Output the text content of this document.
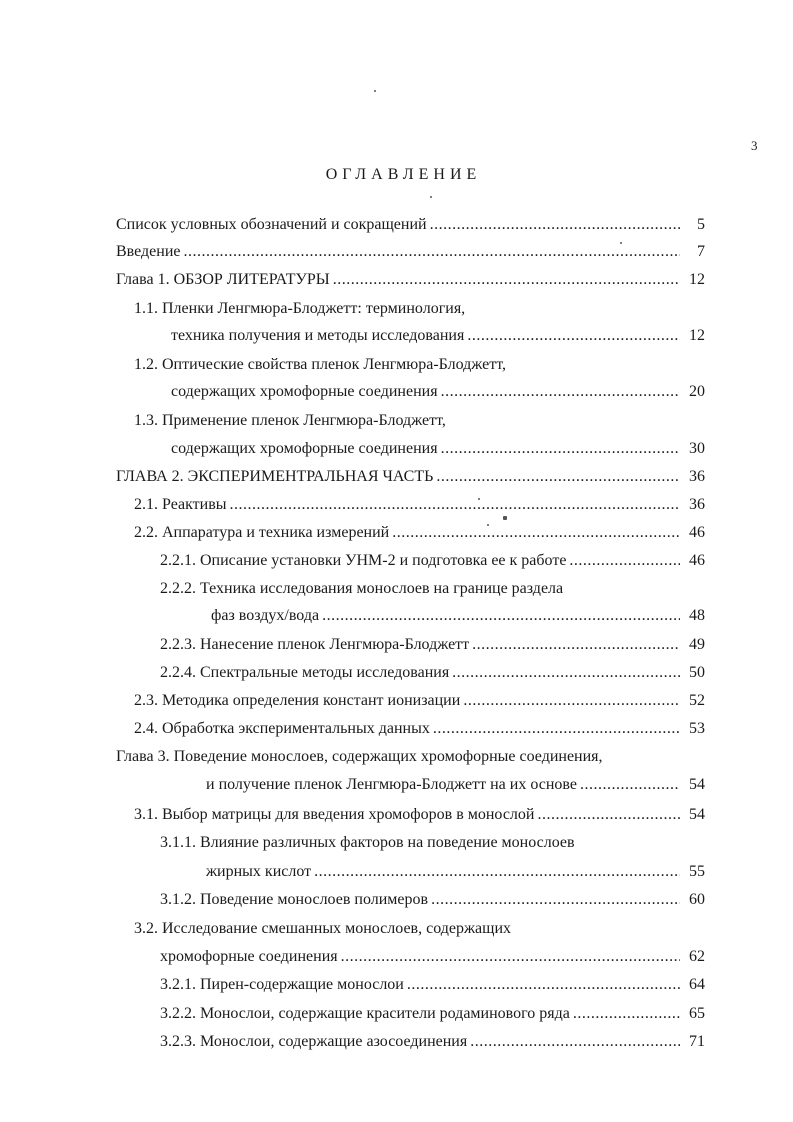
3
ОГЛАВЛЕНИЕ
Список условных обозначений и сокращений .....	5
Введение .....	7
Глава 1. ОБЗОР ЛИТЕРАТУРЫ .....	12
1.1. Пленки Ленгмюра-Блоджетт: терминология,
техника получения и методы исследования .....	12
1.2. Оптические свойства пленок Ленгмюра-Блоджетт,
содержащих хромофорные соединения .....	20
1.3. Применение пленок Ленгмюра-Блоджетт,
содержащих хромофорные соединения .....	30
ГЛАВА 2. ЭКСПЕРИМЕНТРАЛЬНАЯ ЧАСТЬ .....	36
2.1. Реактивы .....	36
2.2. Аппаратура и техника измерений .....	46
2.2.1. Описание установки УНМ-2 и подготовка ее к работе .....	46
2.2.2. Техника исследования монослоев на границе раздела
фаз воздух/вода .....	48
2.2.3. Нанесение пленок Ленгмюра-Блоджетт .....	49
2.2.4. Спектральные методы исследования .....	50
2.3. Методика определения констант ионизации .....	52
2.4. Обработка экспериментальных данных .....	53
Глава 3. Поведение монослоев, содержащих хромофорные соединения,
и получение пленок Ленгмюра-Блоджетт на их основе .....	54
3.1. Выбор матрицы для введения хромофоров в монослой .....	54
3.1.1. Влияние различных факторов на поведение монослоев
жирных кислот .....	55
3.1.2. Поведение монослоев полимеров .....	60
3.2. Исследование смешанных монослоев, содержащих
хромофорные соединения .....	62
3.2.1. Пирен-содержащие монослои .....	64
3.2.2. Монослои, содержащие красители родаминового ряда .....	65
3.2.3. Монослои, содержащие азосоединения .....	71
